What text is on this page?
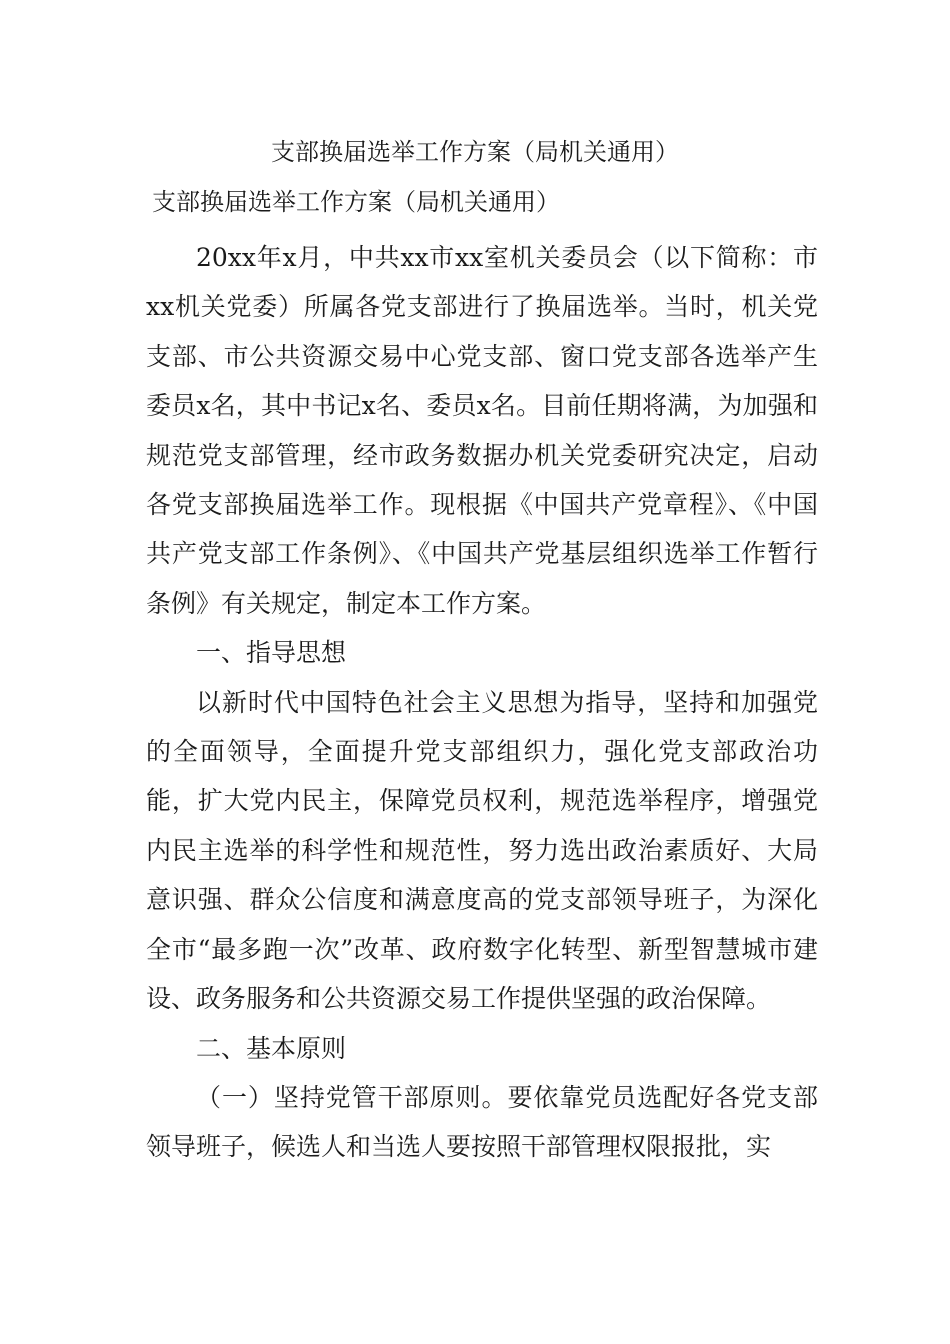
支部换届选举工作方案（局机关通用）
支部换届选举工作方案（局机关通用）

20xx年x月，中共xx市xx室机关委员会（以下简称：市xx机关党委）所属各党支部进行了换届选举。当时，机关党支部、市公共资源交易中心党支部、窗口党支部各选举产生委员x名，其中书记x名、委员x名。目前任期将满，为加强和规范党支部管理，经市政务数据办机关党委研究决定，启动各党支部换届选举工作。现根据《中国共产党章程》、《中国共产党支部工作条例》、《中国共产党基层组织选举工作暂行条例》有关规定，制定本工作方案。

一、指导思想

以新时代中国特色社会主义思想为指导，坚持和加强党的全面领导，全面提升党支部组织力，强化党支部政治功能，扩大党内民主，保障党员权利，规范选举程序，增强党内民主选举的科学性和规范性，努力选出政治素质好、大局意识强、群众公信度和满意度高的党支部领导班子，为深化全市“最多跑一次”改革、政府数字化转型、新型智慧城市建设、政务服务和公共资源交易工作提供坚强的政治保障。

二、基本原则

（一）坚持党管干部原则。要依靠党员选配好各党支部领导班子，候选人和当选人要按照干部管理权限报批，实
